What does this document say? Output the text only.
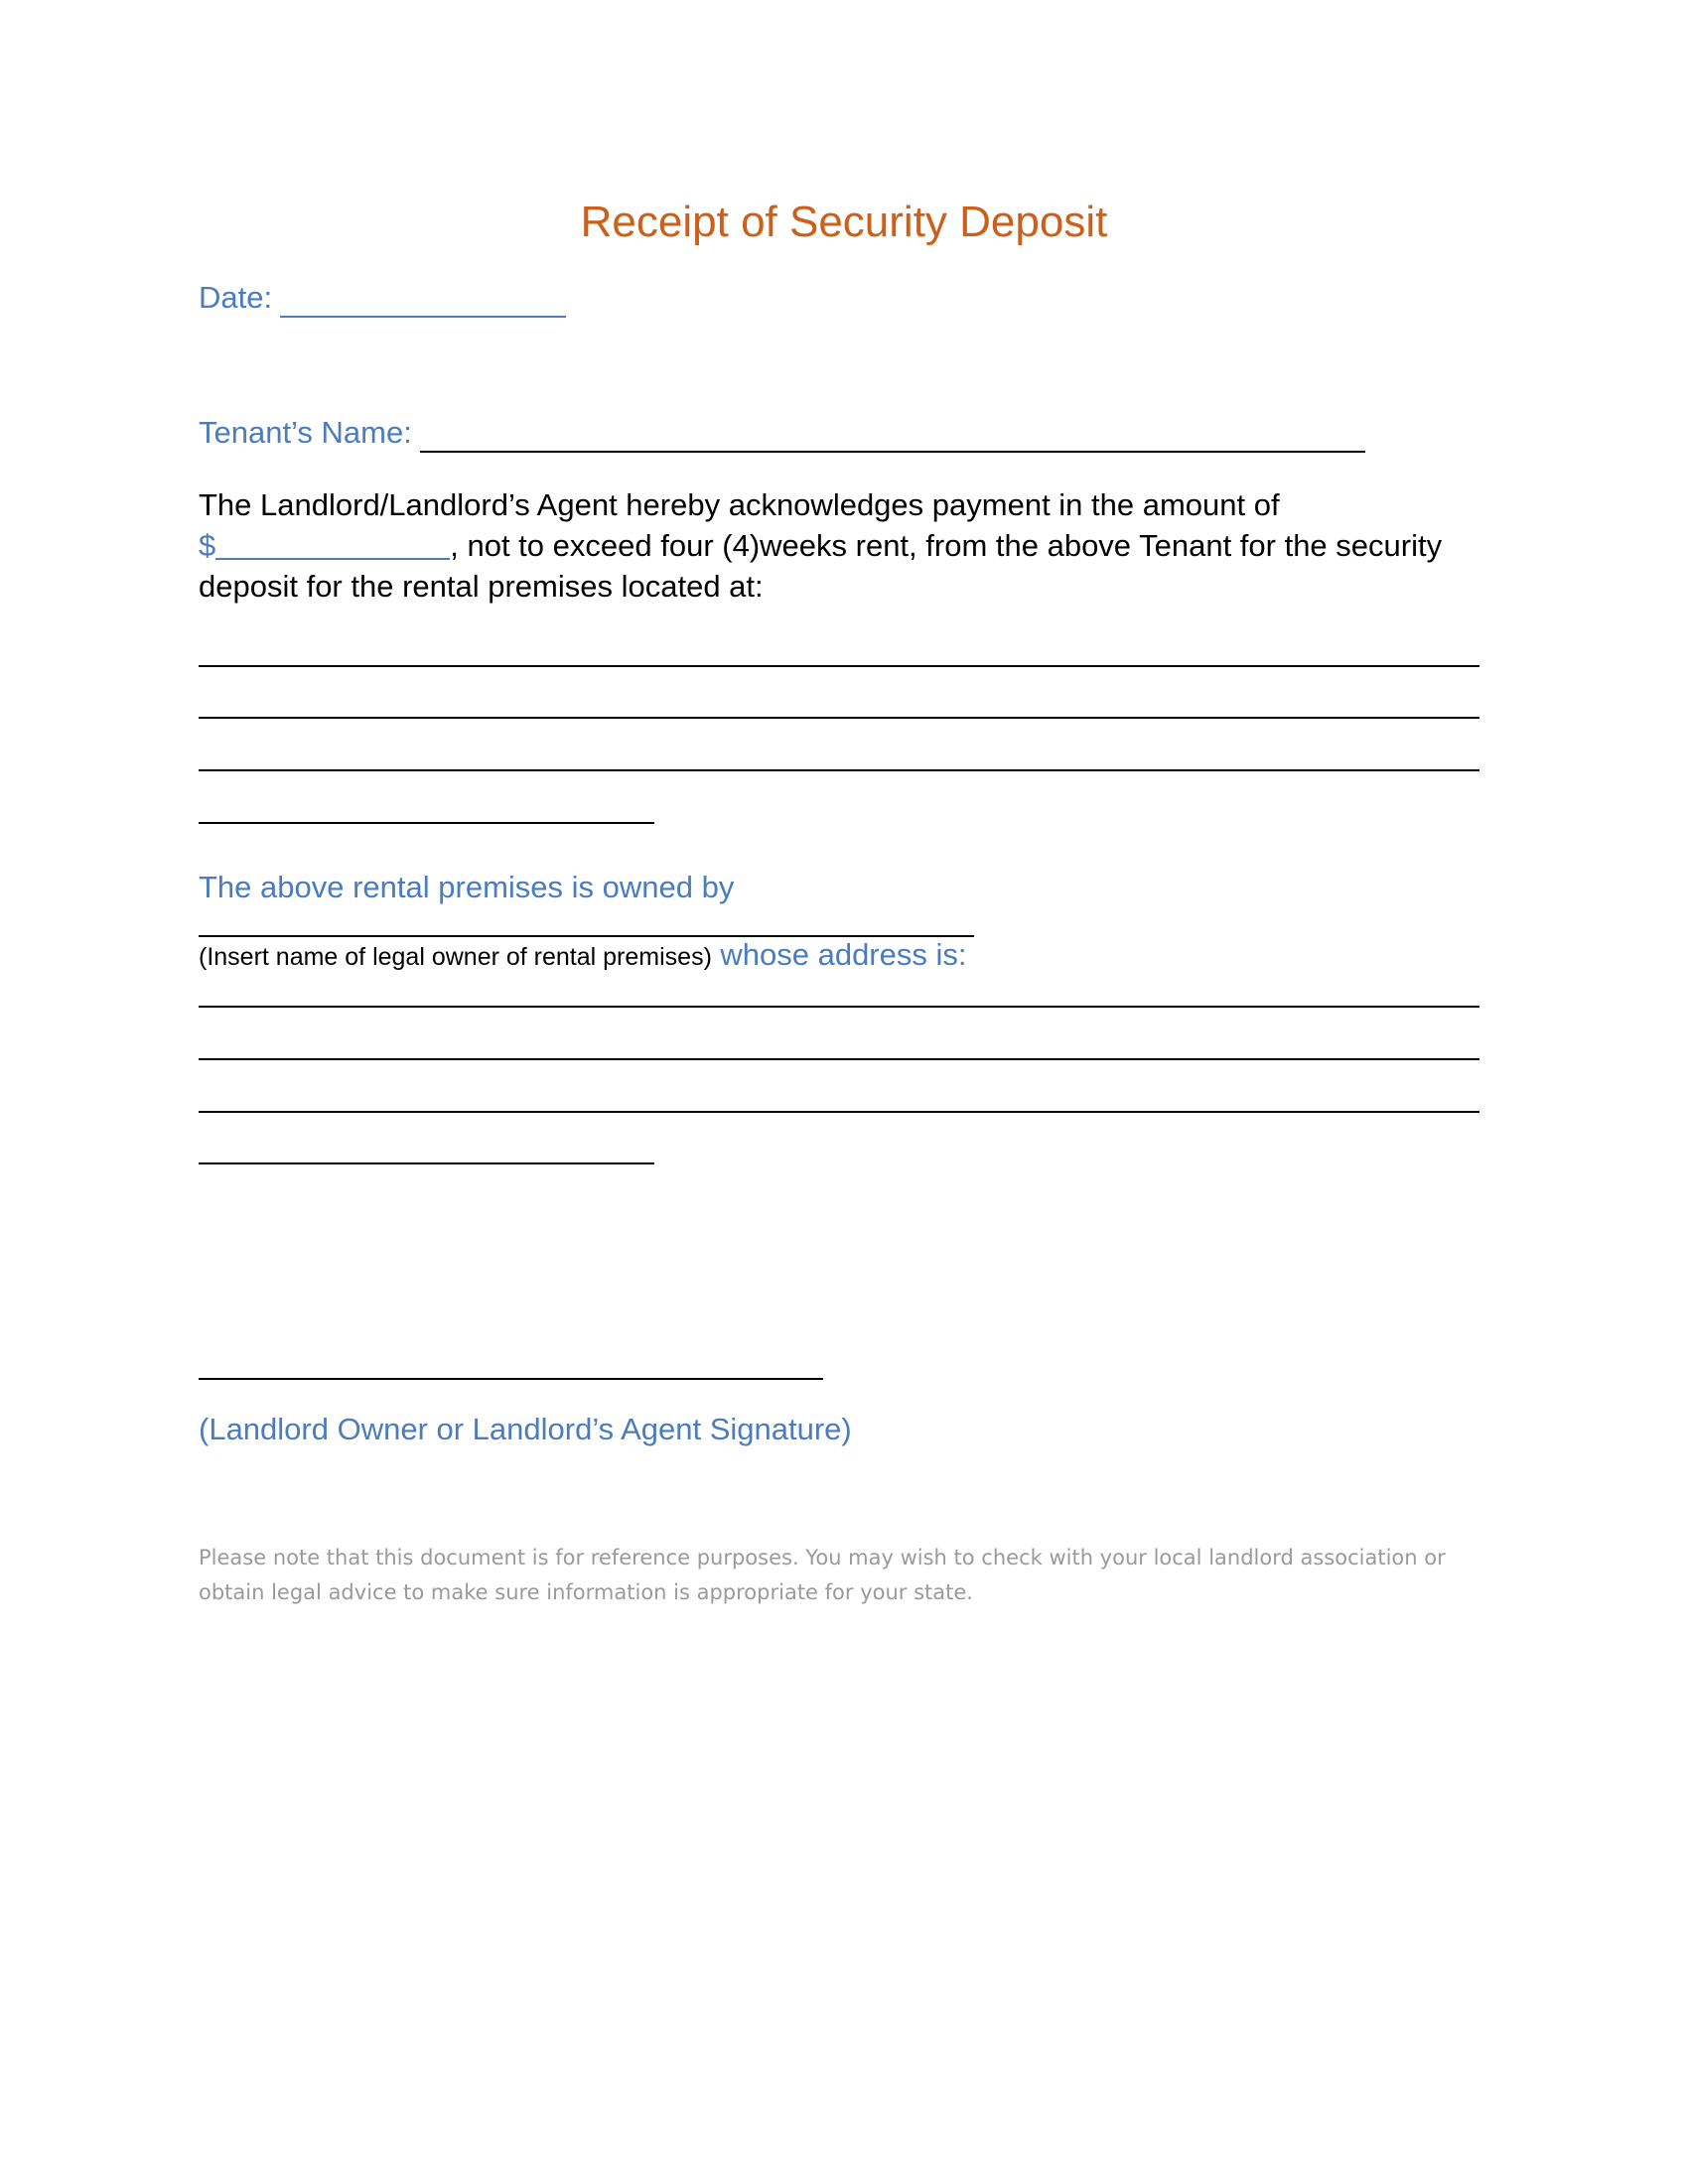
Receipt of Security Deposit
Date:
Tenant’s Name:
The Landlord/Landlord’s Agent hereby acknowledges payment in the amount of
$	, not to exceed four (4)weeks rent, from the above Tenant for the security
deposit for the rental premises located at:
The above rental premises is owned by
(Insert name of legal owner of rental premises) whose address is:
(Landlord Owner or Landlord’s Agent Signature)
Please note that this document is for reference purposes. You may wish to check with your local landlord association or obtain legal advice to make sure information is appropriate for your state.
